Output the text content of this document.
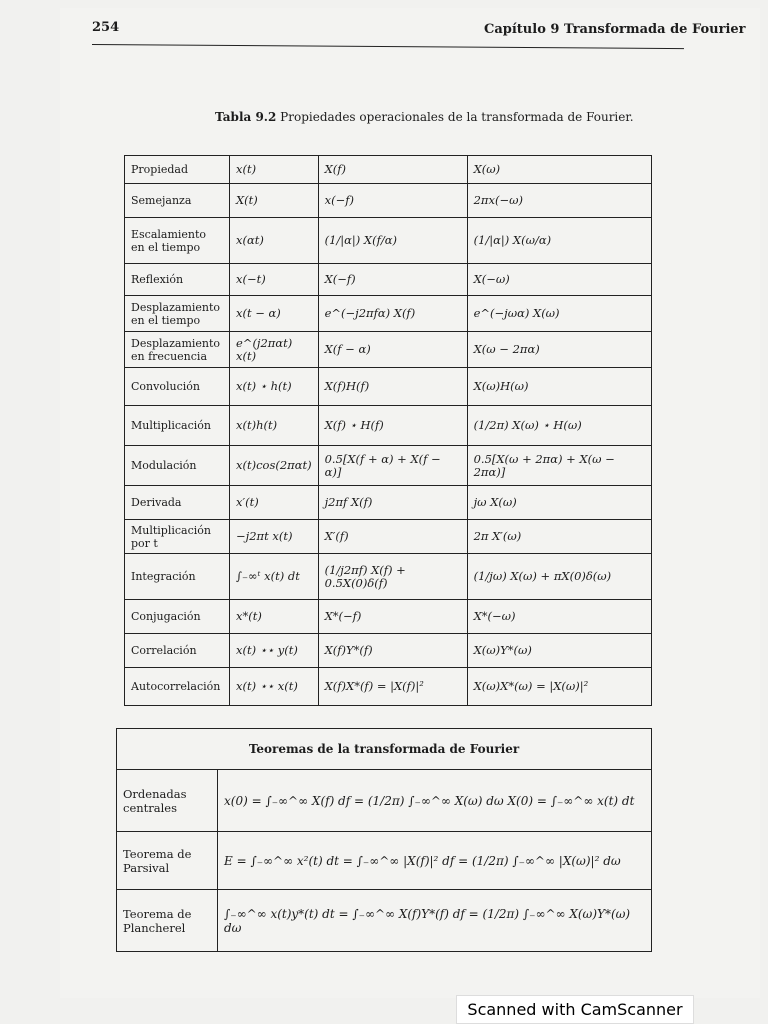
254	Capítulo 9 Transformada de Fourier
Tabla 9.2 Propiedades operacionales de la transformada de Fourier.
Propiedad	x(t)	X(f)	X(ω)
Semejanza	X(t)	x(−f)	2πx(−ω)
Escalamiento en el tiempo	x(αt)	(1/|α|) X(f/α)	(1/|α|) X(ω/α)
Reflexión	x(−t)	X(−f)	X(−ω)
Desplazamiento en el tiempo	x(t − α)	e^(−j2πfα) X(f)	e^(−jωα) X(ω)
Desplazamiento en frecuencia	e^(j2παt) x(t)	X(f − α)	X(ω − 2πα)
Convolución	x(t) ⋆ h(t)	X(f)H(f)	X(ω)H(ω)
Multiplicación	x(t)h(t)	X(f) ⋆ H(f)	(1/2π) X(ω) ⋆ H(ω)
Modulación	x(t)cos(2παt)	0.5[X(f + α) + X(f − α)]	0.5[X(ω + 2πα) + X(ω − 2πα)]
Derivada	x′(t)	j2πf X(f)	jω X(ω)
Multiplicación por t	−j2πt x(t)	X′(f)	2π X′(ω)
Integración	∫₋∞ᵗ x(t) dt	(1/j2πf) X(f) + 0.5X(0)δ(f)	(1/jω) X(ω) + πX(0)δ(ω)
Conjugación	x*(t)	X*(−f)	X*(−ω)
Correlación	x(t) ⋆⋆ y(t)	X(f)Y*(f)	X(ω)Y*(ω)
Autocorrelación	x(t) ⋆⋆ x(t)	X(f)X*(f) = |X(f)|²	X(ω)X*(ω) = |X(ω)|²
Teoremas de la transformada de Fourier	
Ordenadas centrales	x(0) = ∫₋∞^∞ X(f) df = (1/2π) ∫₋∞^∞ X(ω) dω X(0) = ∫₋∞^∞ x(t) dt
Teorema de Parsival	E = ∫₋∞^∞ x²(t) dt = ∫₋∞^∞ |X(f)|² df = (1/2π) ∫₋∞^∞ |X(ω)|² dω
Teorema de Plancherel	∫₋∞^∞ x(t)y*(t) dt = ∫₋∞^∞ X(f)Y*(f) df = (1/2π) ∫₋∞^∞ X(ω)Y*(ω) dω
Scanned with CamScanner
